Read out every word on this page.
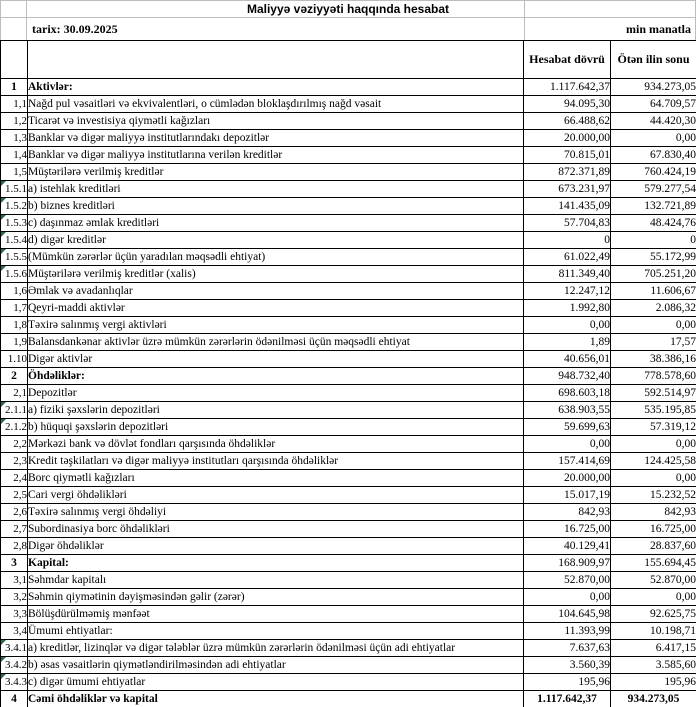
Maliyyə vəziyyəti haqqında hesabat
tarix: 30.09.2025	min manatla
		Hesabat dövrü	Ötən ilin sonu
1	Aktivlər:	1.117.642,37	934.273,05
1,1	Nağd pul vəsaitləri və ekvivalentləri, o cümlədən bloklaşdırılmış nağd vəsait	94.095,30	64.709,57
1,2	Ticarət və investisiya qiymətli kağızları	66.488,62	44.420,30
1,3	Banklar və digər maliyyə institutlarındakı depozitlər	20.000,00	0,00
1,4	Banklar və digər maliyyə institutlarına verilən kreditlər	70.815,01	67.830,40
1,5	Müştərilərə verilmiş kreditlər	872.371,89	760.424,19

1.5.1	a) istehlak kreditləri	673.231,97	579.277,54

1.5.2	b) biznes kreditləri	141.435,09	132.721,89

1.5.3	c) daşınmaz əmlak kreditləri	57.704,83	48.424,76

1.5.4	d) digər kreditlər	0	0

1.5.5	(Mümkün zərərlər üçün yaradılan məqsədli ehtiyat)	61.022,49	55.172,99

1.5.6	Müştərilərə verilmiş kreditlər (xalis)	811.349,40	705.251,20
1,6	Əmlak və avadanlıqlar	12.247,12	11.606,67
1,7	Qeyri-maddi aktivlər	1.992,80	2.086,32
1,8	Təxirə salınmış vergi aktivləri	0,00	0,00
1,9	Balansdankənar aktivlər üzrə mümkün zərərlərin ödənilməsi üçün məqsədli ehtiyat	1,89	17,57
1.10	Digər aktivlər	40.656,01	38.386,16
2	Öhdəliklər:	948.732,40	778.578,60
2,1	Depozitlər	698.603,18	592.514,97

2.1.1	a) fiziki şəxslərin depozitləri	638.903,55	535.195,85

2.1.2	b) hüquqi şəxslərin depozitləri	59.699,63	57.319,12
2,2	Mərkəzi bank və dövlət fondları qarşısında öhdəliklər	0,00	0,00
2,3	Kredit təşkilatları və digər maliyyə institutları qarşısında öhdəliklər	157.414,69	124.425,58
2,4	Borc qiymətli kağızları	20.000,00	0,00
2,5	Cari vergi öhdəlikləri	15.017,19	15.232,52
2,6	Təxirə salınmış vergi öhdəliyi	842,93	842,93
2,7	Subordinasiya borc öhdəlikləri	16.725,00	16.725,00
2,8	Digər öhdəliklər	40.129,41	28.837,60
3	Kapital:	168.909,97	155.694,45
3,1	Səhmdar kapitalı	52.870,00	52.870,00
3,2	Səhmin qiymətinin dəyişməsindən gəlir (zərər)	0,00	0,00
3,3	Bölüşdürülməmiş mənfəət	104.645,98	92.625,75
3,4	Ümumi ehtiyatlar:	11.393,99	10.198,71

3.4.1	a) kreditlər, lizinqlər və digər tələblər üzrə mümkün zərərlərin ödənilməsi üçün adi ehtiyatlar	7.637,63	6.417,15

3.4.2	b) əsas vəsaitlərin qiymətləndirilməsindən adi ehtiyatlar	3.560,39	3.585,60

3.4.3	c) digər ümumi ehtiyatlar	195,96	195,96
4	Cəmi öhdəliklər və kapital	1.117.642,37	934.273,05
